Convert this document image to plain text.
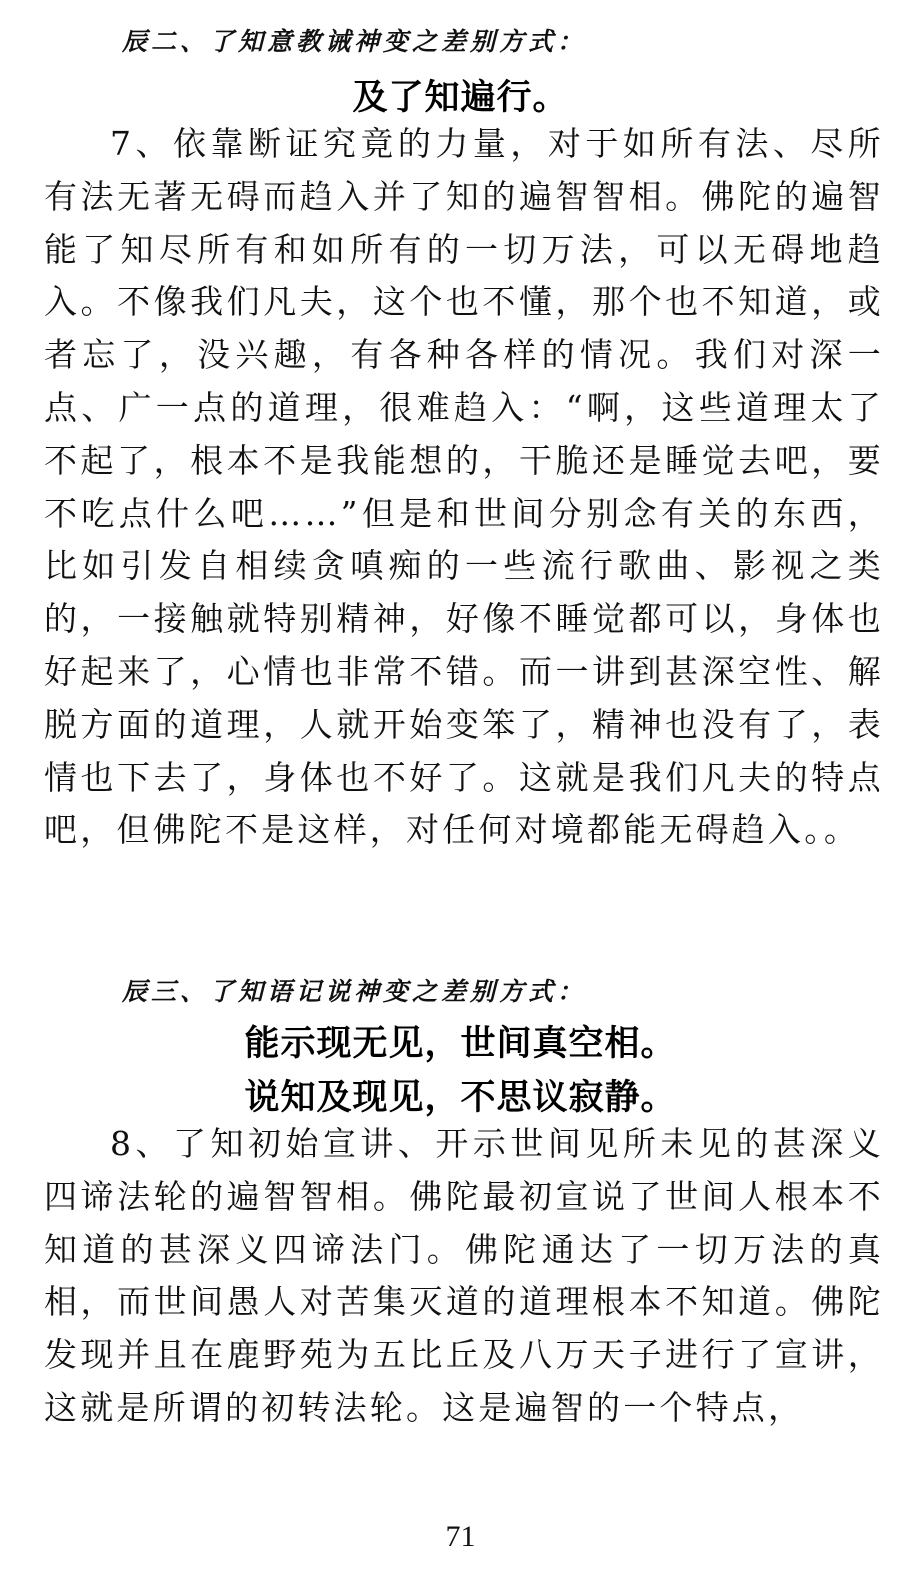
辰二、了知意教诫神变之差别方式：
及了知遍行。
7、依靠断证究竟的力量，对于如所有法、尽所有法无著无碍而趋入并了知的遍智智相。佛陀的遍智能了知尽所有和如所有的一切万法，可以无碍地趋入。不像我们凡夫，这个也不懂，那个也不知道，或者忘了，没兴趣，有各种各样的情况。我们对深一点、广一点的道理，很难趋入：“啊，这些道理太了不起了，根本不是我能想的，干脆还是睡觉去吧，要不吃点什么吧……”但是和世间分别念有关的东西，比如引发自相续贪嗔痴的一些流行歌曲、影视之类的，一接触就特别精神，好像不睡觉都可以，身体也好起来了，心情也非常不错。而一讲到甚深空性、解脱方面的道理，人就开始变笨了，精神也没有了，表情也下去了，身体也不好了。这就是我们凡夫的特点吧，但佛陀不是这样，对任何对境都能无碍趋入。。
辰三、了知语记说神变之差别方式：
能示现无见，世间真空相。
说知及现见，不思议寂静。
8、了知初始宣讲、开示世间见所未见的甚深义四谛法轮的遍智智相。佛陀最初宣说了世间人根本不知道的甚深义四谛法门。佛陀通达了一切万法的真相，而世间愚人对苦集灭道的道理根本不知道。佛陀发现并且在鹿野苑为五比丘及八万天子进行了宣讲，这就是所谓的初转法轮。这是遍智的一个特点，
71
